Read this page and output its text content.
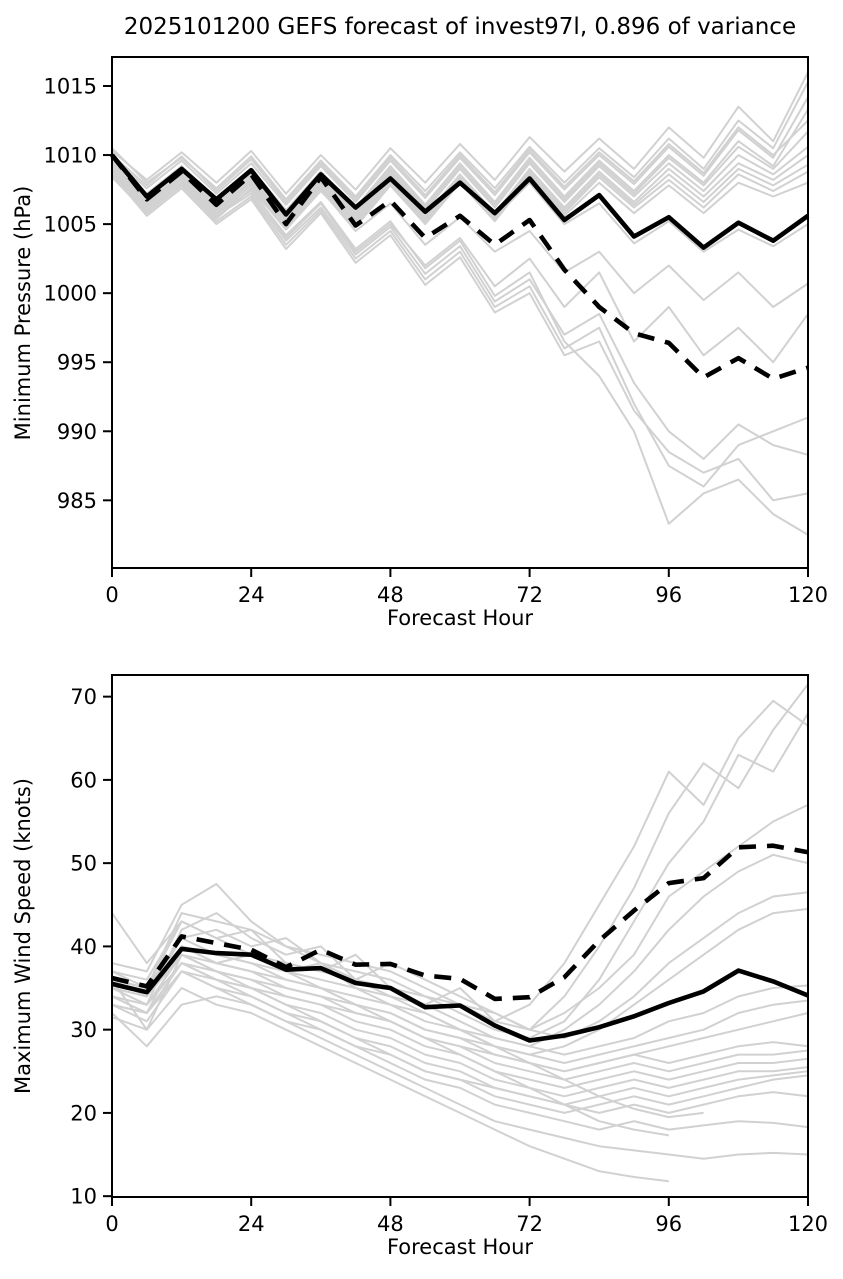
2025101200 GEFS forecast of invest97l, 0.896 of variance
Minimum Pressure (hPa)
Forecast Hour
Maximum Wind Speed (knots)
Forecast Hour
0	24	48	72	96	120
985
990
995
1000
1005
1010
1015
0	24	48	72	96	120
10
20
30
40
50
60
70
